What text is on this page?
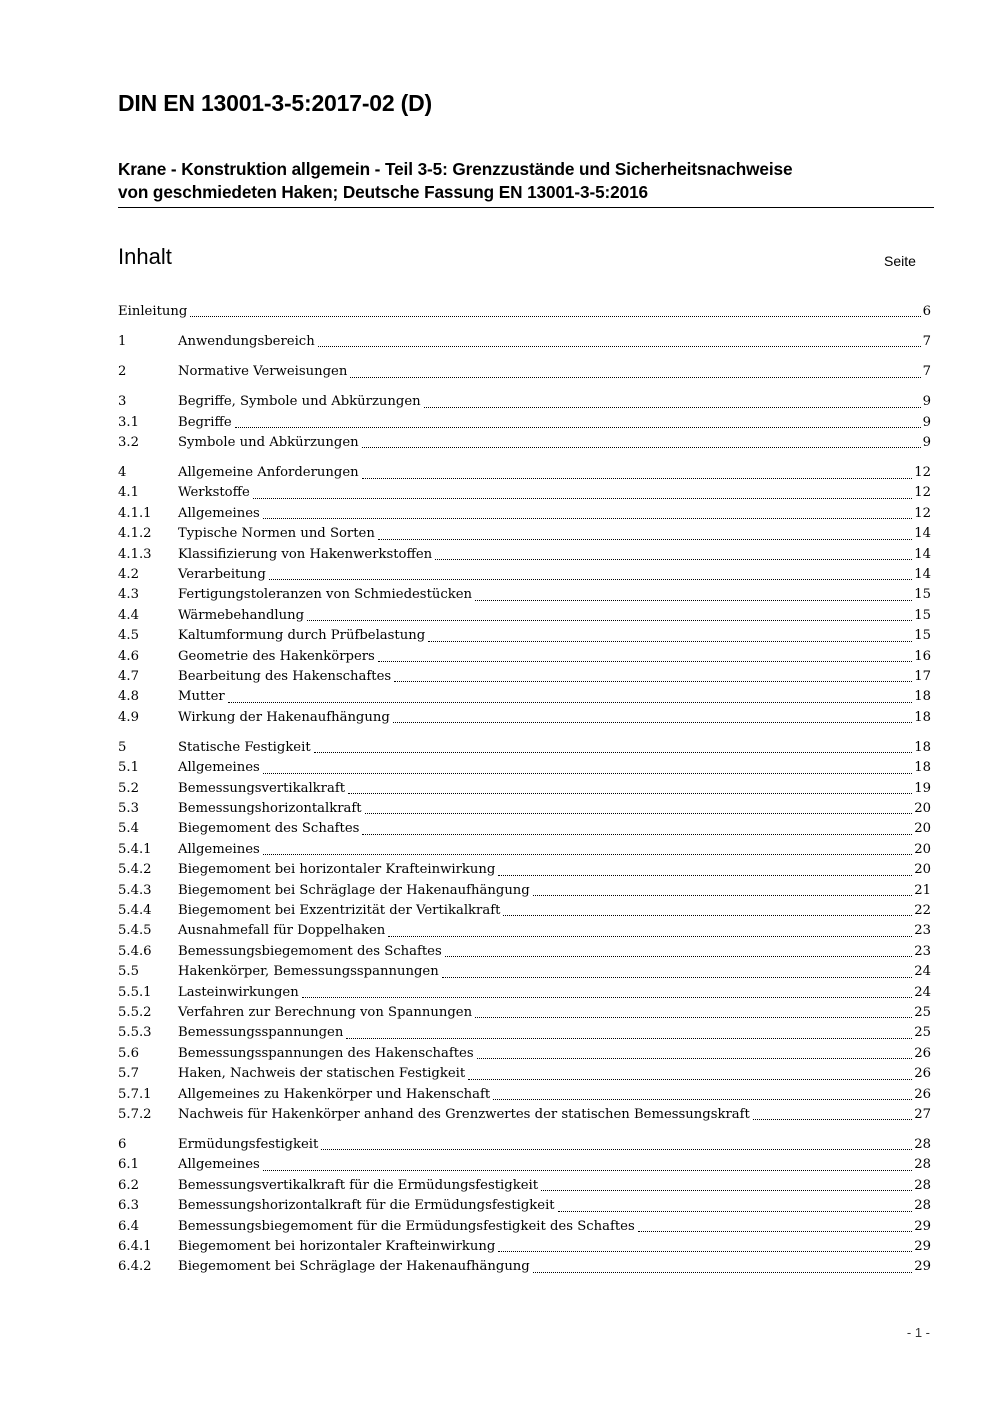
DIN EN 13001-3-5:2017-02 (D)
Krane - Konstruktion allgemein - Teil 3-5: Grenzzustände und Sicherheitsnachweise
von geschmiedeten Haken; Deutsche Fassung EN 13001-3-5:2016
Inhalt	Seite
Einleitung	6
1	Anwendungsbereich	7
2	Normative Verweisungen	7
3	Begriffe, Symbole und Abkürzungen	9
3.1	Begriffe	9
3.2	Symbole und Abkürzungen	9
4	Allgemeine Anforderungen	12
4.1	Werkstoffe	12
4.1.1 Allgemeines	12
4.1.2 Typische Normen und Sorten	14
4.1.3 Klassifizierung von Hakenwerkstoffen	14
4.2	Verarbeitung	14
4.3	Fertigungstoleranzen von Schmiedestücken	15
4.4	Wärmebehandlung	15
4.5	Kaltumformung durch Prüfbelastung	15
4.6	Geometrie des Hakenkörpers	16
4.7	Bearbeitung des Hakenschaftes	17
4.8	Mutter	18
4.9	Wirkung der Hakenaufhängung	18
5	Statische Festigkeit	18
5.1	Allgemeines	18
5.2	Bemessungsvertikalkraft	19
5.3	Bemessungshorizontalkraft	20
5.4	Biegemoment des Schaftes	20
5.4.1 Allgemeines	20
5.4.2 Biegemoment bei horizontaler Krafteinwirkung	20
5.4.3 Biegemoment bei Schräglage der Hakenaufhängung	21
5.4.4 Biegemoment bei Exzentrizität der Vertikalkraft	22
5.4.5 Ausnahmefall für Doppelhaken	23
5.4.6 Bemessungsbiegemoment des Schaftes	23
5.5	Hakenkörper, Bemessungsspannungen	24
5.5.1 Lasteinwirkungen	24
5.5.2 Verfahren zur Berechnung von Spannungen	25
5.5.3 Bemessungsspannungen	25
5.6	Bemessungsspannungen des Hakenschaftes	26
5.7	Haken, Nachweis der statischen Festigkeit	26
5.7.1 Allgemeines zu Hakenkörper und Hakenschaft	26
5.7.2 Nachweis für Hakenkörper anhand des Grenzwertes der statischen Bemessungskraft	27
6	Ermüdungsfestigkeit	28
6.1	Allgemeines	28
6.2	Bemessungsvertikalkraft für die Ermüdungsfestigkeit	28
6.3	Bemessungshorizontalkraft für die Ermüdungsfestigkeit	28
6.4	Bemessungsbiegemoment für die Ermüdungsfestigkeit des Schaftes	29
6.4.1 Biegemoment bei horizontaler Krafteinwirkung	29
6.4.2 Biegemoment bei Schräglage der Hakenaufhängung	29
- 1 -
